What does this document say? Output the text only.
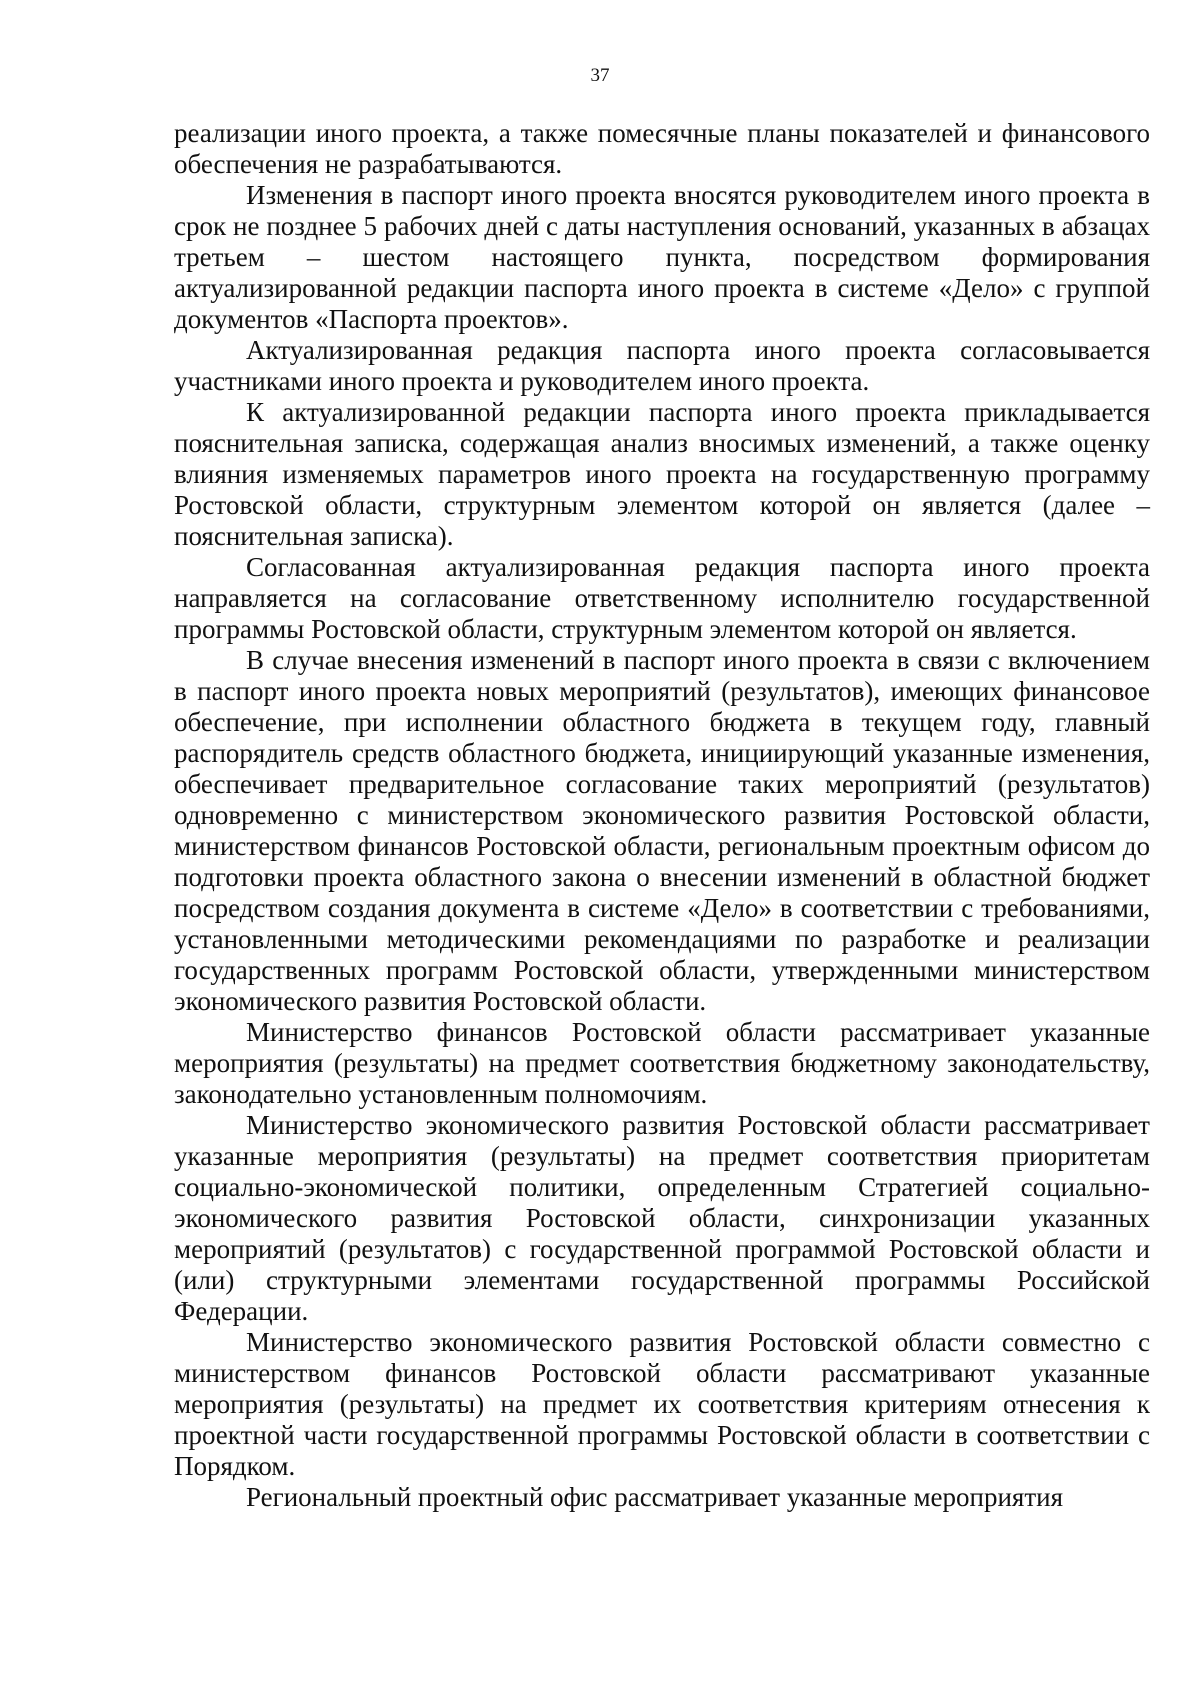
37

реализации иного проекта, а также помесячные планы показателей и финансового обеспечения не разрабатываются.

Изменения в паспорт иного проекта вносятся руководителем иного проекта в срок не позднее 5 рабочих дней с даты наступления оснований, указанных в абзацах третьем – шестом настоящего пункта, посредством формирования актуализированной редакции паспорта иного проекта в системе «Дело» с группой документов «Паспорта проектов».

Актуализированная редакция паспорта иного проекта согласовывается участниками иного проекта и руководителем иного проекта.

К актуализированной редакции паспорта иного проекта прикладывается пояснительная записка, содержащая анализ вносимых изменений, а также оценку влияния изменяемых параметров иного проекта на государственную программу Ростовской области, структурным элементом которой он является (далее – пояснительная записка).

Согласованная актуализированная редакция паспорта иного проекта направляется на согласование ответственному исполнителю государственной программы Ростовской области, структурным элементом которой он является.

В случае внесения изменений в паспорт иного проекта в связи с включением в паспорт иного проекта новых мероприятий (результатов), имеющих финансовое обеспечение, при исполнении областного бюджета в текущем году, главный распорядитель средств областного бюджета, инициирующий указанные изменения, обеспечивает предварительное согласование таких мероприятий (результатов) одновременно с министерством экономического развития Ростовской области, министерством финансов Ростовской области, региональным проектным офисом до подготовки проекта областного закона о внесении изменений в областной бюджет посредством создания документа в системе «Дело» в соответствии с требованиями, установленными методическими рекомендациями по разработке и реализации государственных программ Ростовской области, утвержденными министерством экономического развития Ростовской области.

Министерство финансов Ростовской области рассматривает указанные мероприятия (результаты) на предмет соответствия бюджетному законодательству, законодательно установленным полномочиям.

Министерство экономического развития Ростовской области рассматривает указанные мероприятия (результаты) на предмет соответствия приоритетам социально-экономической политики, определенным Стратегией социально-экономического развития Ростовской области, синхронизации указанных мероприятий (результатов) с государственной программой Ростовской области и (или) структурными элементами государственной программы Российской Федерации.

Министерство экономического развития Ростовской области совместно с министерством финансов Ростовской области рассматривают указанные мероприятия (результаты) на предмет их соответствия критериям отнесения к проектной части государственной программы Ростовской области в соответствии с Порядком.

Региональный проектный офис рассматривает указанные мероприятия
